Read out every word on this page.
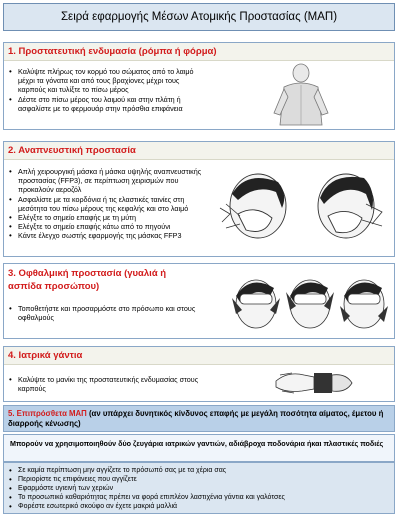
Σειρά εφαρμογής Μέσων Ατομικής Προστασίας (ΜΑΠ)
1. Προστατευτική ενδυμασία (ρόμπα ή φόρμα)
• Καλύψτε πλήρως τον κορμό του σώματος από το λαιμό μέχρι τα γόνατα και από τους βραχίονες μέχρι τους καρπούς και τυλίξτε το πίσω μέρος
• Δέστε στο πίσω μέρος του λαιμού και στην πλάτη ή ασφαλίστε με το φερμουάρ στην πρόσθια επιφάνεια
2. Αναπνευστική προστασία
• Απλή χειρουργική μάσκα ή μάσκα υψηλής αναπνευστικής προστασίας (FFP3), σε περίπτωση χειρισμών που προκαλούν αεροζόλ
• Ασφαλίστε με τα κορδόνια ή τις ελαστικές ταινίες στη μεσότητα του πίσω μέρους της κεφαλής και στο λαιμό
• Ελέγξτε το σημείο επαφής με τη μύτη
• Ελέγξτε το σημείο επαφής κάτω από το πηγούνι
• Κάντε έλεγχο σωστής εφαρμογής της μάσκας FFP3
3. Οφθαλμική προστασία (γυαλιά ή ασπίδα προσώπου)
• Τοποθετήστε και προσαρμόστε στο πρόσωπο και στους οφθαλμούς
4. Ιατρικά γάντια
• Καλύψτε το μανίκι της προστατευτικής ενδυμασίας στους καρπούς
5. Επιπρόσθετα ΜΑΠ (αν υπάρχει δυνητικός κίνδυνος επαφής με μεγάλη ποσότητα αίματος, έμετου ή διαρροής κένωσης)
Μπορούν να χρησιμοποιηθούν δύο ζευγάρια ιατρικών γαντιών, αδιάβροχα ποδονάρια ήκαι πλαστικές ποδιές
• Σε καμία περίπτωση μην αγγίζετε το πρόσωπό σας με τα χέρια σας
• Περιορίστε τις επιφάνειες που αγγίζετε
• Εφαρμόστε υγιεινή των χεριών
• Το προσωπικό καθαριότητας πρέπει να φορά επιπλέον λαστιχένια γάντια και γαλότσες
• Φορέστε εσωτερικό σκούφο αν έχετε μακριά μαλλιά
